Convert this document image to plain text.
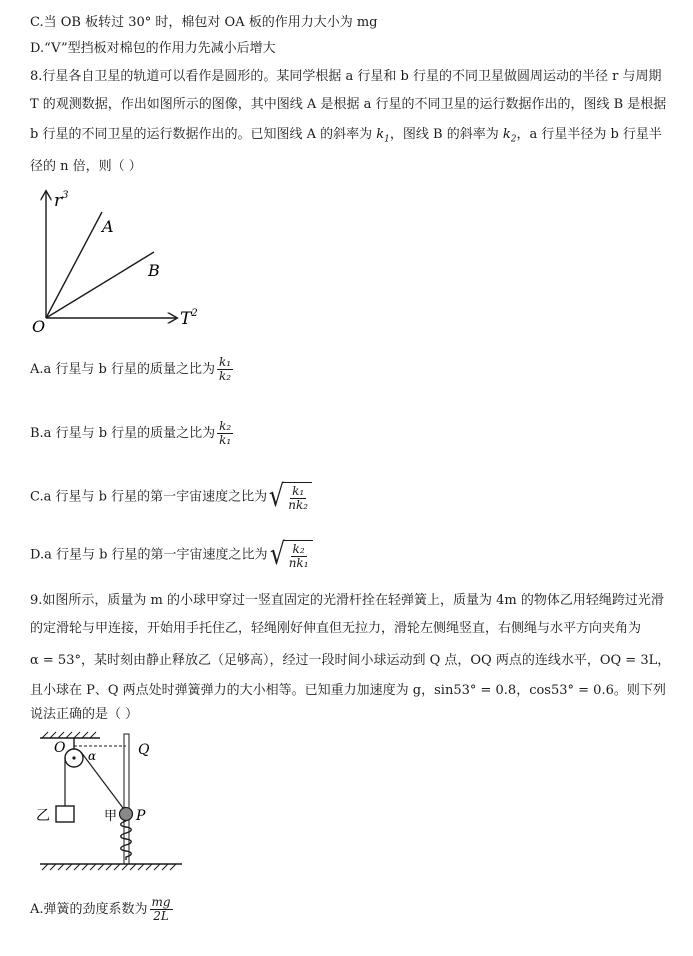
C.当 OB 板转过 30° 时，棉包对 OA 板的作用力大小为 mg
D.“V”型挡板对棉包的作用力先减小后增大
8.行星各自卫星的轨道可以看作是圆形的。某同学根据 a 行星和 b 行星的不同卫星做圆周运动的半径 r 与周期
T 的观测数据，作出如图所示的图像，其中图线 A 是根据 a 行星的不同卫星的运行数据作出的，图线 B 是根据
b 行星的不同卫星的运行数据作出的。已知图线 A 的斜率为 $k_1$，图线 B 的斜率为 $k_2$，a 行星半径为 b 行星半
径的 n 倍，则（ ）
$r^3$
$T^2$
O
A
B
A.a 行星与 b 行星的质量之比为 $\frac{\text{k₁}}{\text{k₂}}$
B.a 行星与 b 行星的质量之比为 $\frac{\text{k₂}}{\text{k₁}}$
C.a 行星与 b 行星的第一宇宙速度之比为 √ $\frac{\text{k₁}}{\text{nk₂}}$
D.a 行星与 b 行星的第一宇宙速度之比为 √ $\frac{\text{k₂}}{\text{nk₁}}$
9.如图所示，质量为 m 的小球甲穿过一竖直固定的光滑杆拴在轻弹簧上，质量为 4m 的物体乙用轻绳跨过光滑
的定滑轮与甲连接，开始用手托住乙，轻绳刚好伸直但无拉力，滑轮左侧绳竖直，右侧绳与水平方向夹角为
α = 53°，某时刻由静止释放乙（足够高），经过一段时间小球运动到 Q 点，OQ 两点的连线水平，OQ = 3L，
且小球在 P、Q 两点处时弹簧弹力的大小相等。已知重力加速度为 g，sin53° = 0.8，cos53° = 0.6。则下列
说法正确的是（ ）
O α	Q
乙	甲 P
A.弹簧的劲度系数为 $\frac{mg}{2L}$
